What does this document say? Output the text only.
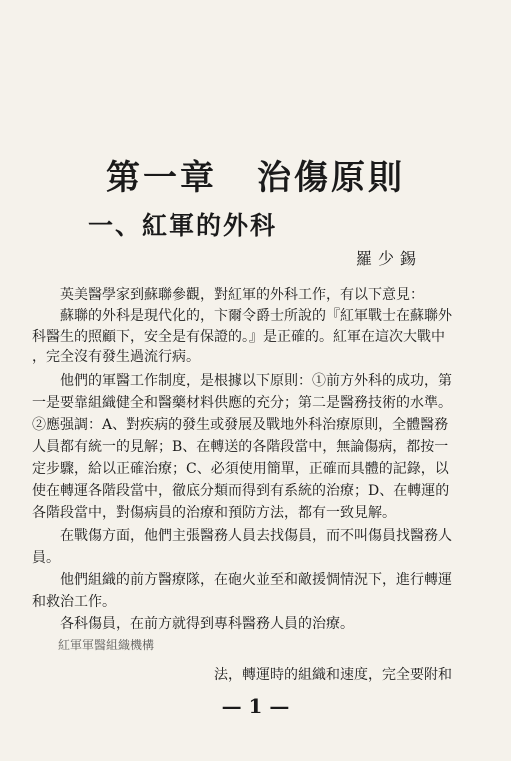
第一章 治傷原則
一、紅軍的外科
羅少錫
英美醫學家到蘇聯參觀，對紅軍的外科工作，有以下意見：
蘇聯的外科是現代化的，卞爾令爵士所說的『紅軍戰士在蘇聯外
科醫生的照顧下，安全是有保證的。』是正確的。紅軍在這次大戰中
，完全沒有發生過流行病。
他們的軍醫工作制度，是根據以下原則：①前方外科的成功，第
一是要靠組織健全和醫藥材料供應的充分；第二是醫務技術的水準。
②應强調：A、對疾病的發生或發展及戰地外科治療原則，全體醫務
人員都有統一的見解；B、在轉送的各階段當中，無論傷病，都按一
定步驟，給以正確治療；C、必須使用簡單，正確而具體的記錄，以
使在轉運各階段當中，徹底分類而得到有系統的治療；D、在轉運的
各階段當中，對傷病員的治療和預防方法，都有一致見解。
在戰傷方面，他們主張醫務人員去找傷員，而不叫傷員找醫務人
員。
他們組織的前方醫療隊，在砲火並至和敵援惆情況下，進行轉運
和救治工作。
各科傷員，在前方就得到專科醫務人員的治療。
紅軍軍醫組織機構
法，轉運時的組織和速度，完全要附和
— 1 —
